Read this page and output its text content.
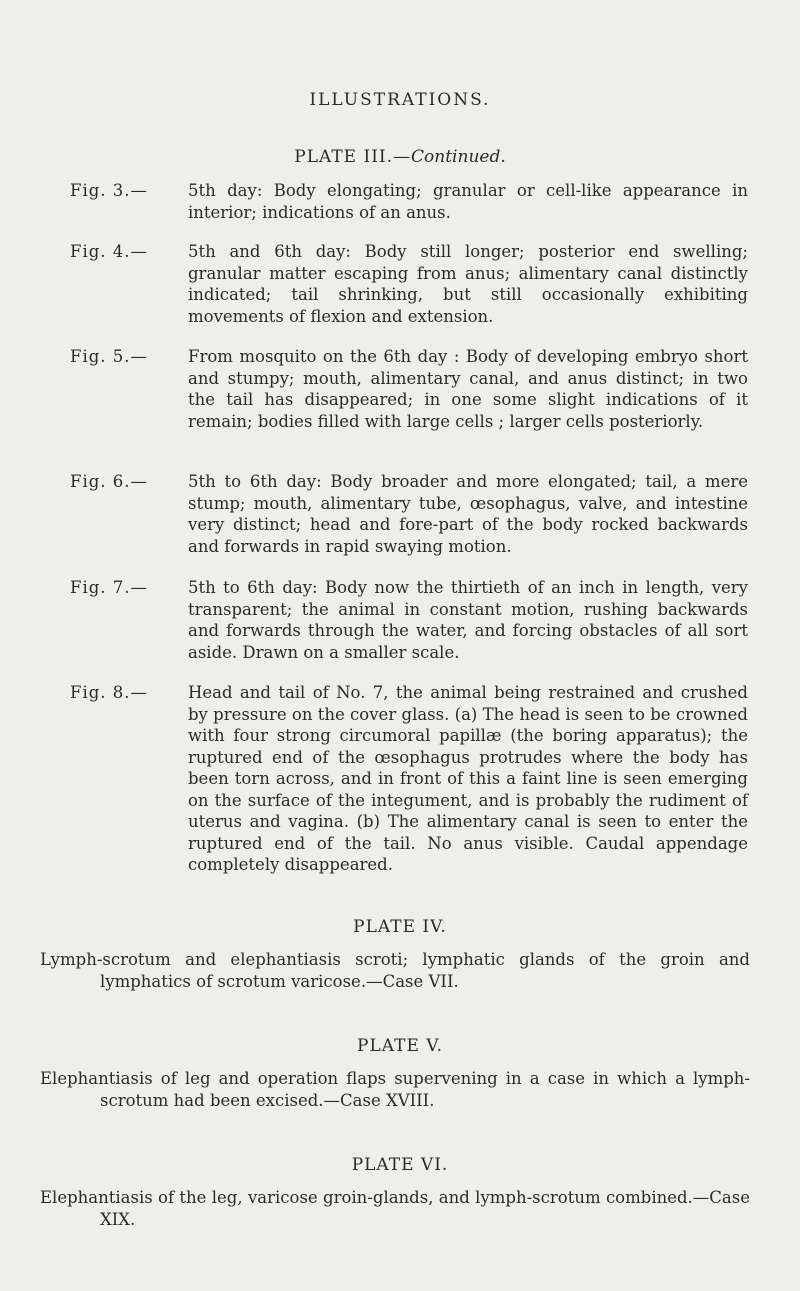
ILLUSTRATIONS.
PLATE III.—Continued.
Fig. 3.—	5th day: Body elongating; granular or cell-like appearance in interior; indications of an anus.
Fig. 4.—	5th and 6th day: Body still longer; posterior end swelling; granular matter escaping from anus; alimentary canal distinctly indicated; tail shrinking, but still occasionally exhibiting movements of flexion and extension.
Fig. 5.—	From mosquito on the 6th day : Body of developing embryo short and stumpy; mouth, alimentary canal, and anus distinct; in two the tail has disappeared; in one some slight indications of it remain; bodies filled with large cells ; larger cells posteriorly.
Fig. 6.—	5th to 6th day: Body broader and more elongated; tail, a mere stump; mouth, alimentary tube, œsophagus, valve, and intestine very distinct; head and fore-part of the body rocked backwards and forwards in rapid swaying motion.
Fig. 7.—	5th to 6th day: Body now the thirtieth of an inch in length, very transparent; the animal in constant motion, rushing backwards and forwards through the water, and forcing obstacles of all sort aside. Drawn on a smaller scale.
Fig. 8.—	Head and tail of No. 7, the animal being restrained and crushed by pressure on the cover glass. (a) The head is seen to be crowned with four strong circumoral papillæ (the boring apparatus); the ruptured end of the œsophagus protrudes where the body has been torn across, and in front of this a faint line is seen emerging on the surface of the integument, and is probably the rudiment of uterus and vagina. (b) The alimentary canal is seen to enter the ruptured end of the tail. No anus visible. Caudal appendage completely disappeared.
PLATE IV.
Lymph-scrotum and elephantiasis scroti; lymphatic glands of the groin and lymphatics of scrotum varicose.—Case VII.
PLATE V.
Elephantiasis of leg and operation flaps supervening in a case in which a lymph-scrotum had been excised.—Case XVIII.
PLATE VI.
Elephantiasis of the leg, varicose groin-glands, and lymph-scrotum combined.—Case XIX.
